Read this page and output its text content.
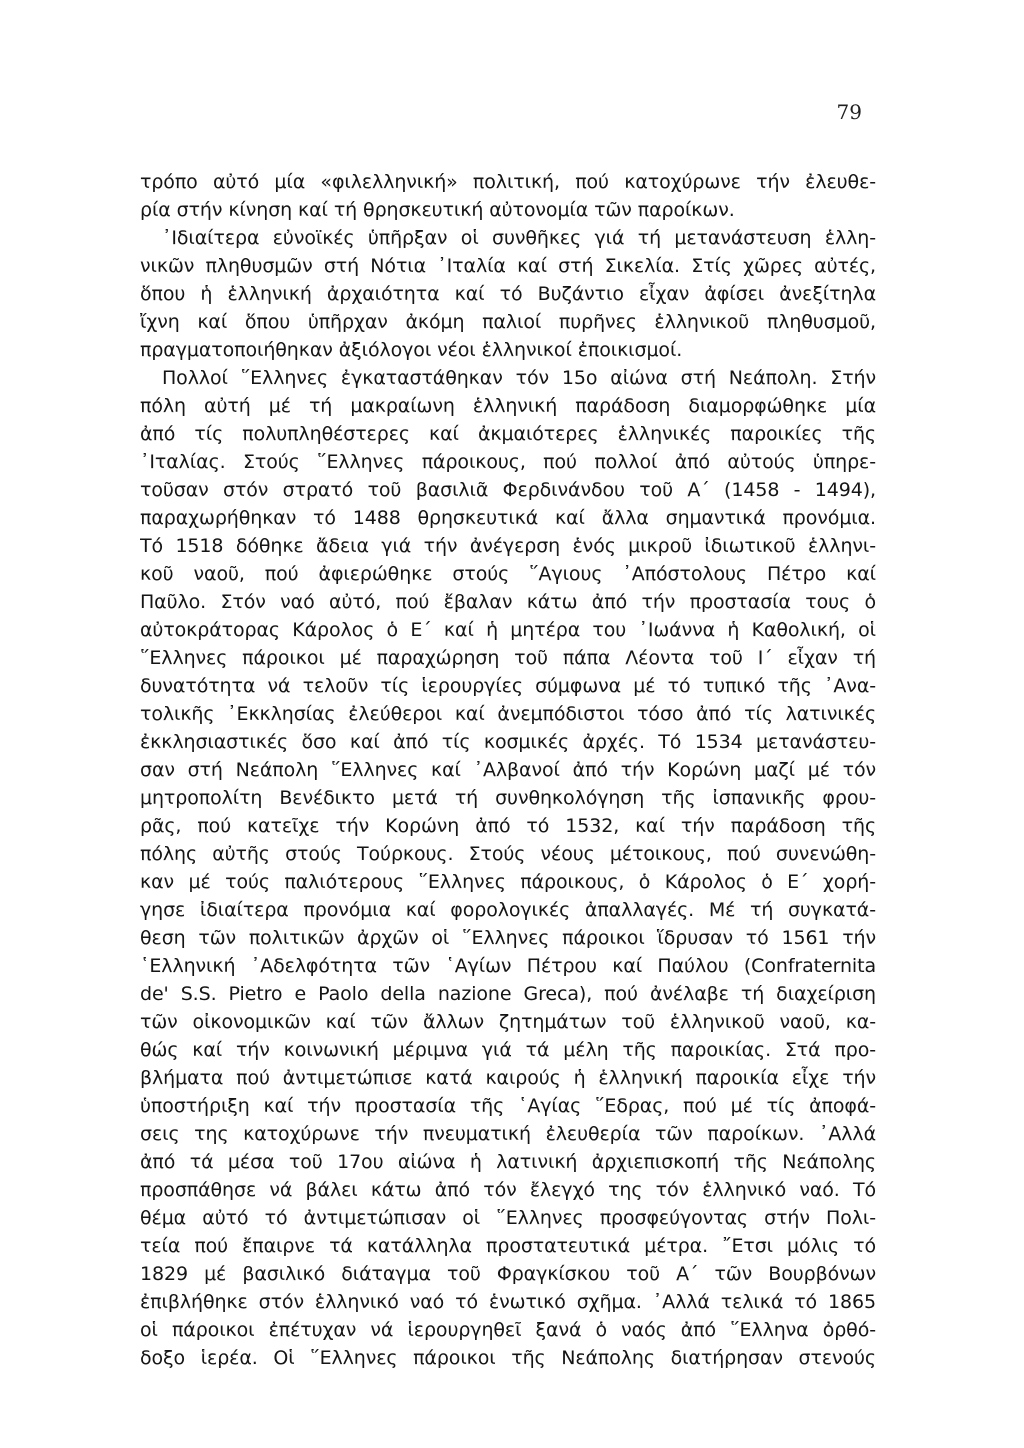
79
τρόπο αὐτό μία «φιλελληνική» πολιτική, πού κατοχύρωνε τήν ἐλευθε-
ρία στήν κίνηση καί τή θρησκευτική αὐτονομία τῶν παροίκων.
᾿Ιδιαίτερα εὐνοϊκές ὑπῆρξαν οἱ συνθῆκες γιά τή μετανάστευση ἑλλη-
νικῶν πληθυσμῶν στή Νότια ᾿Ιταλία καί στή Σικελία. Στίς χῶρες αὐτές,
ὅπου ἡ ἑλληνική ἀρχαιότητα καί τό Βυζάντιο εἶχαν ἀφίσει ἀνεξίτηλα
ἴχνη καί ὅπου ὑπῆρχαν ἀκόμη παλιοί πυρῆνες ἑλληνικοῦ πληθυσμοῦ,
πραγματοποιήθηκαν ἀξιόλογοι νέοι ἑλληνικοί ἐποικισμοί.
Πολλοί ῞Ελληνες ἐγκαταστάθηκαν τόν 15ο αἰώνα στή Νεάπολη. Στήν
πόλη αὐτή μέ τή μακραίωνη ἑλληνική παράδοση διαμορφώθηκε μία
ἀπό τίς πολυπληθέστερες καί ἀκμαιότερες ἑλληνικές παροικίες τῆς
᾿Ιταλίας. Στούς ῞Ελληνες πάροικους, πού πολλοί ἀπό αὐτούς ὑπηρε-
τοῦσαν στόν στρατό τοῦ βασιλιᾶ Φερδινάνδου τοῦ Α΄ (1458 - 1494),
παραχωρήθηκαν τό 1488 θρησκευτικά καί ἄλλα σημαντικά προνόμια.
Τό 1518 δόθηκε ἄδεια γιά τήν ἀνέγερση ἑνός μικροῦ ἰδιωτικοῦ ἑλληνι-
κοῦ ναοῦ, πού ἀφιερώθηκε στούς ῞Αγιους ᾿Απόστολους Πέτρο καί
Παῦλο. Στόν ναό αὐτό, πού ἔβαλαν κάτω ἀπό τήν προστασία τους ὁ
αὐτοκράτορας Κάρολος ὁ Ε΄ καί ἡ μητέρα του ᾿Ιωάννα ἡ Καθολική, οἱ
῞Ελληνες πάροικοι μέ παραχώρηση τοῦ πάπα Λέοντα τοῦ Ι΄ εἶχαν τή
δυνατότητα νά τελοῦν τίς ἱερουργίες σύμφωνα μέ τό τυπικό τῆς ᾿Ανα-
τολικῆς ᾿Εκκλησίας ἐλεύθεροι καί ἀνεμπόδιστοι τόσο ἀπό τίς λατινικές
ἐκκλησιαστικές ὅσο καί ἀπό τίς κοσμικές ἀρχές. Τό 1534 μετανάστευ-
σαν στή Νεάπολη ῞Ελληνες καί ᾿Αλβανοί ἀπό τήν Κορώνη μαζί μέ τόν
μητροπολίτη Βενέδικτο μετά τή συνθηκολόγηση τῆς ἰσπανικῆς φρου-
ρᾶς, πού κατεῖχε τήν Κορώνη ἀπό τό 1532, καί τήν παράδοση τῆς
πόλης αὐτῆς στούς Τούρκους. Στούς νέους μέτοικους, πού συνενώθη-
καν μέ τούς παλιότερους ῞Ελληνες πάροικους, ὁ Κάρολος ὁ Ε΄ χορή-
γησε ἰδιαίτερα προνόμια καί φορολογικές ἀπαλλαγές. Μέ τή συγκατά-
θεση τῶν πολιτικῶν ἀρχῶν οἱ ῞Ελληνες πάροικοι ἵδρυσαν τό 1561 τήν
῾Ελληνική ᾿Αδελφότητα τῶν ῾Αγίων Πέτρου καί Παύλου (Confraternita
de' S.S. Pietro e Paolo della nazione Greca), πού ἀνέλαβε τή διαχείριση
τῶν οἰκονομικῶν καί τῶν ἄλλων ζητημάτων τοῦ ἑλληνικοῦ ναοῦ, κα-
θώς καί τήν κοινωνική μέριμνα γιά τά μέλη τῆς παροικίας. Στά προ-
βλήματα πού ἀντιμετώπισε κατά καιρούς ἡ ἑλληνική παροικία εἶχε τήν
ὑποστήριξη καί τήν προστασία τῆς ῾Αγίας ῞Εδρας, πού μέ τίς ἀποφά-
σεις της κατοχύρωνε τήν πνευματική ἐλευθερία τῶν παροίκων. ᾿Αλλά
ἀπό τά μέσα τοῦ 17ου αἰώνα ἡ λατινική ἀρχιεπισκοπή τῆς Νεάπολης
προσπάθησε νά βάλει κάτω ἀπό τόν ἔλεγχό της τόν ἑλληνικό ναό. Τό
θέμα αὐτό τό ἀντιμετώπισαν οἱ ῞Ελληνες προσφεύγοντας στήν Πολι-
τεία πού ἔπαιρνε τά κατάλληλα προστατευτικά μέτρα. ῎Ετσι μόλις τό
1829 μέ βασιλικό διάταγμα τοῦ Φραγκίσκου τοῦ Α΄ τῶν Βουρβόνων
ἐπιβλήθηκε στόν ἑλληνικό ναό τό ἑνωτικό σχῆμα. ᾿Αλλά τελικά τό 1865
οἱ πάροικοι ἐπέτυχαν νά ἱερουργηθεῖ ξανά ὁ ναός ἀπό ῞Ελληνα ὀρθό-
δοξο ἱερέα. Οἱ ῞Ελληνες πάροικοι τῆς Νεάπολης διατήρησαν στενούς
